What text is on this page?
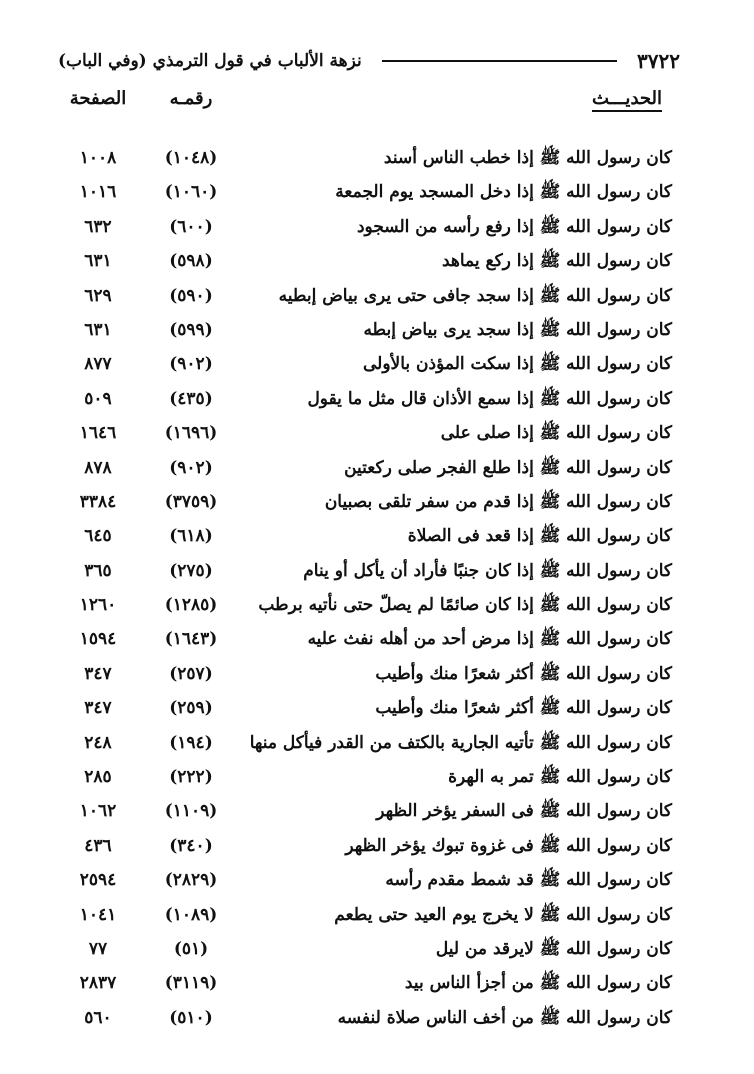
٣٧٢٢
نزهة الألباب في قول الترمذي (وفي الباب)
الحديـــث
رقمـه
الصفحة
كان رسول الله ﷺ إذا خطب الناس أسند
(١٠٤٨)
١٠٠٨
كان رسول الله ﷺ إذا دخل المسجد يوم الجمعة
(١٠٦٠)
١٠١٦
كان رسول الله ﷺ إذا رفع رأسه من السجود
(٦٠٠)
٦٣٢
كان رسول الله ﷺ إذا ركع يماهد
(٥٩٨)
٦٣١
كان رسول الله ﷺ إذا سجد جافى حتى يرى بياض إبطيه
(٥٩٠)
٦٢٩
كان رسول الله ﷺ إذا سجد يرى بياض إبطه
(٥٩٩)
٦٣١
كان رسول الله ﷺ إذا سكت المؤذن بالأولى
(٩٠٢)
٨٧٧
كان رسول الله ﷺ إذا سمع الأذان قال مثل ما يقول
(٤٣٥)
٥٠٩
كان رسول الله ﷺ إذا صلى على
(١٦٩٦)
١٦٤٦
كان رسول الله ﷺ إذا طلع الفجر صلى ركعتين
(٩٠٢)
٨٧٨
كان رسول الله ﷺ إذا قدم من سفر تلقى بصبيان
(٣٧٥٩)
٣٣٨٤
كان رسول الله ﷺ إذا قعد فى الصلاة
(٦١٨)
٦٤٥
كان رسول الله ﷺ إذا كان جنبًا فأراد أن يأكل أو ينام
(٢٧٥)
٣٦٥
كان رسول الله ﷺ إذا كان صائمًا لم يصلّ حتى نأتيه برطب
(١٢٨٥)
١٢٦٠
كان رسول الله ﷺ إذا مرض أحد من أهله نفث عليه
(١٦٤٣)
١٥٩٤
كان رسول الله ﷺ أكثر شعرًا منك وأطيب
(٢٥٧)
٣٤٧
كان رسول الله ﷺ أكثر شعرًا منك وأطيب
(٢٥٩)
٣٤٧
كان رسول الله ﷺ تأتيه الجارية بالكتف من القدر فيأكل منها
(١٩٤)
٢٤٨
كان رسول الله ﷺ تمر به الهرة
(٢٢٢)
٢٨٥
كان رسول الله ﷺ فى السفر يؤخر الظهر
(١١٠٩)
١٠٦٢
كان رسول الله ﷺ فى غزوة تبوك يؤخر الظهر
(٣٤٠)
٤٣٦
كان رسول الله ﷺ قد شمط مقدم رأسه
(٢٨٢٩)
٢٥٩٤
كان رسول الله ﷺ لا يخرج يوم العيد حتى يطعم
(١٠٨٩)
١٠٤١
كان رسول الله ﷺ لايرقد من ليل
(٥١)
٧٧
كان رسول الله ﷺ من أجزأ الناس بيد
(٣١١٩)
٢٨٣٧
كان رسول الله ﷺ من أخف الناس صلاة لنفسه
(٥١٠)
٥٦٠
